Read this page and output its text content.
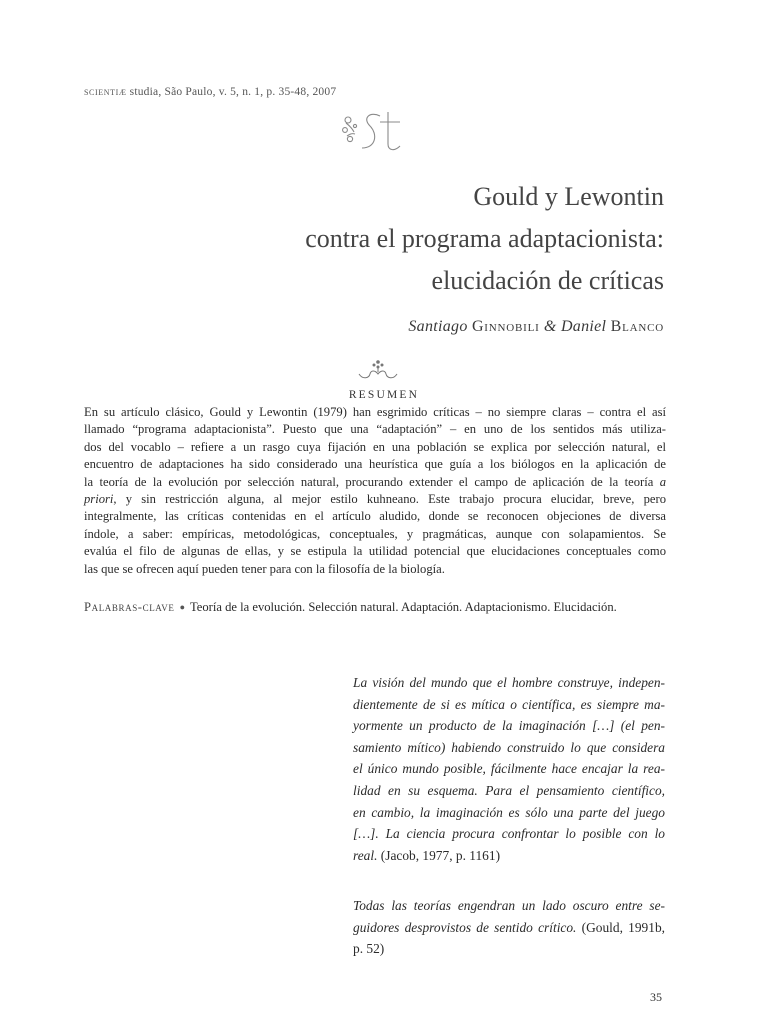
scientiæ studia, São Paulo, v. 5, n. 1, p. 35-48, 2007
Gould y Lewontin
contra el programa adaptacionista:
elucidación de críticas
Santiago Ginnobili & Daniel Blanco
RESUMEN
En su artículo clásico, Gould y Lewontin (1979) han esgrimido críticas – no siempre claras – contra el así
llamado “programa adaptacionista”. Puesto que una “adaptación” – en uno de los sentidos más utiliza-
dos del vocablo – refiere a un rasgo cuya fijación en una población se explica por selección natural, el
encuentro de adaptaciones ha sido considerado una heurística que guía a los biólogos en la aplicación de
la teoría de la evolución por selección natural, procurando extender el campo de aplicación de la teoría a
priori, y sin restricción alguna, al mejor estilo kuhneano. Este trabajo procura elucidar, breve, pero
integralmente, las críticas contenidas en el artículo aludido, donde se reconocen objeciones de diversa
índole, a saber: empíricas, metodológicas, conceptuales, y pragmáticas, aunque con solapamientos. Se
evalúa el filo de algunas de ellas, y se estipula la utilidad potencial que elucidaciones conceptuales como
las que se ofrecen aquí pueden tener para con la filosofía de la biología.
Palabras-clave ● Teoría de la evolución. Selección natural. Adaptación. Adaptacionismo. Elucidación.
La visión del mundo que el hombre construye, indepen-
dientemente de si es mítica o científica, es siempre ma-
yormente un producto de la imaginación […] (el pen-
samiento mítico) habiendo construido lo que considera
el único mundo posible, fácilmente hace encajar la rea-
lidad en su esquema. Para el pensamiento científico,
en cambio, la imaginación es sólo una parte del juego
[…]. La ciencia procura confrontar lo posible con lo
real. (Jacob, 1977, p. 1161)
Todas las teorías engendran un lado oscuro entre se-
guidores desprovistos de sentido crítico. (Gould, 1991b,
p. 52)
35
